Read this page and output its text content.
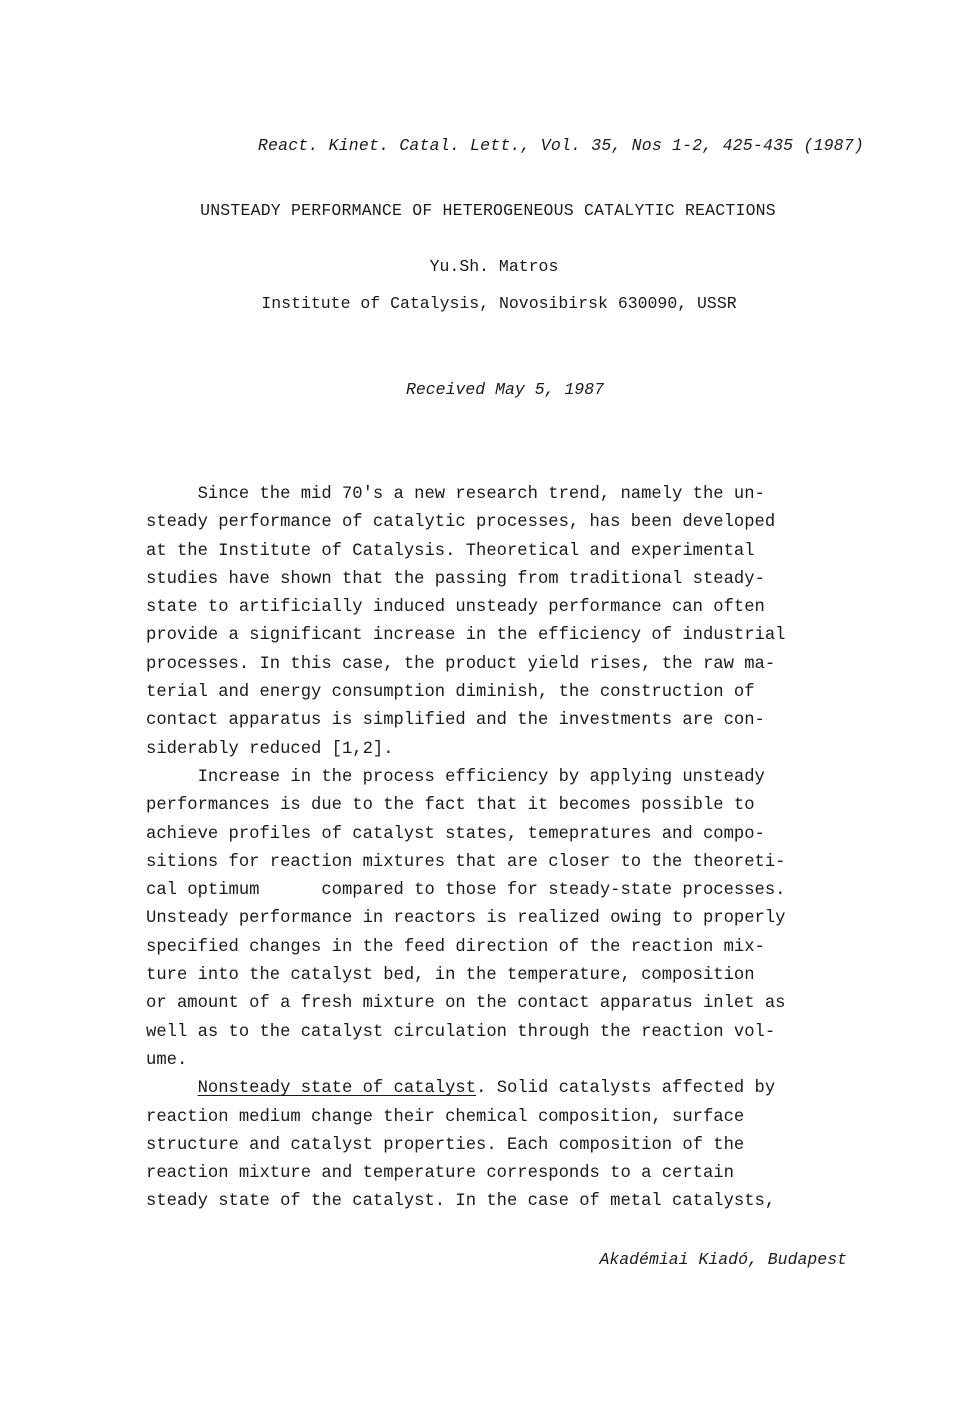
React. Kinet. Catal. Lett., Vol. 35, Nos 1-2, 425-435 (1987)
UNSTEADY PERFORMANCE OF HETEROGENEOUS CATALYTIC REACTIONS
Yu.Sh. Matros
Institute of Catalysis, Novosibirsk 630090, USSR
Received May 5, 1987
Since the mid 70's a new research trend, namely the un-
steady performance of catalytic processes, has been developed
at the Institute of Catalysis. Theoretical and experimental
studies have shown that the passing from traditional steady-
state to artificially induced unsteady performance can often
provide a significant increase in the efficiency of industrial
processes. In this case, the product yield rises, the raw ma-
terial and energy consumption diminish, the construction of
contact apparatus is simplified and the investments are con-
siderably reduced [1,2].
Increase in the process efficiency by applying unsteady
performances is due to the fact that it becomes possible to
achieve profiles of catalyst states, temepratures and compo-
sitions for reaction mixtures that are closer to the theoreti-
cal optimum      compared to those for steady-state processes.
Unsteady performance in reactors is realized owing to properly
specified changes in the feed direction of the reaction mix-
ture into the catalyst bed, in the temperature, composition
or amount of a fresh mixture on the contact apparatus inlet as
well as to the catalyst circulation through the reaction vol-
ume.
Nonsteady state of catalyst. Solid catalysts affected by
reaction medium change their chemical composition, surface
structure and catalyst properties. Each composition of the
reaction mixture and temperature corresponds to a certain
steady state of the catalyst. In the case of metal catalysts,
Akadémiai Kiadó, Budapest
